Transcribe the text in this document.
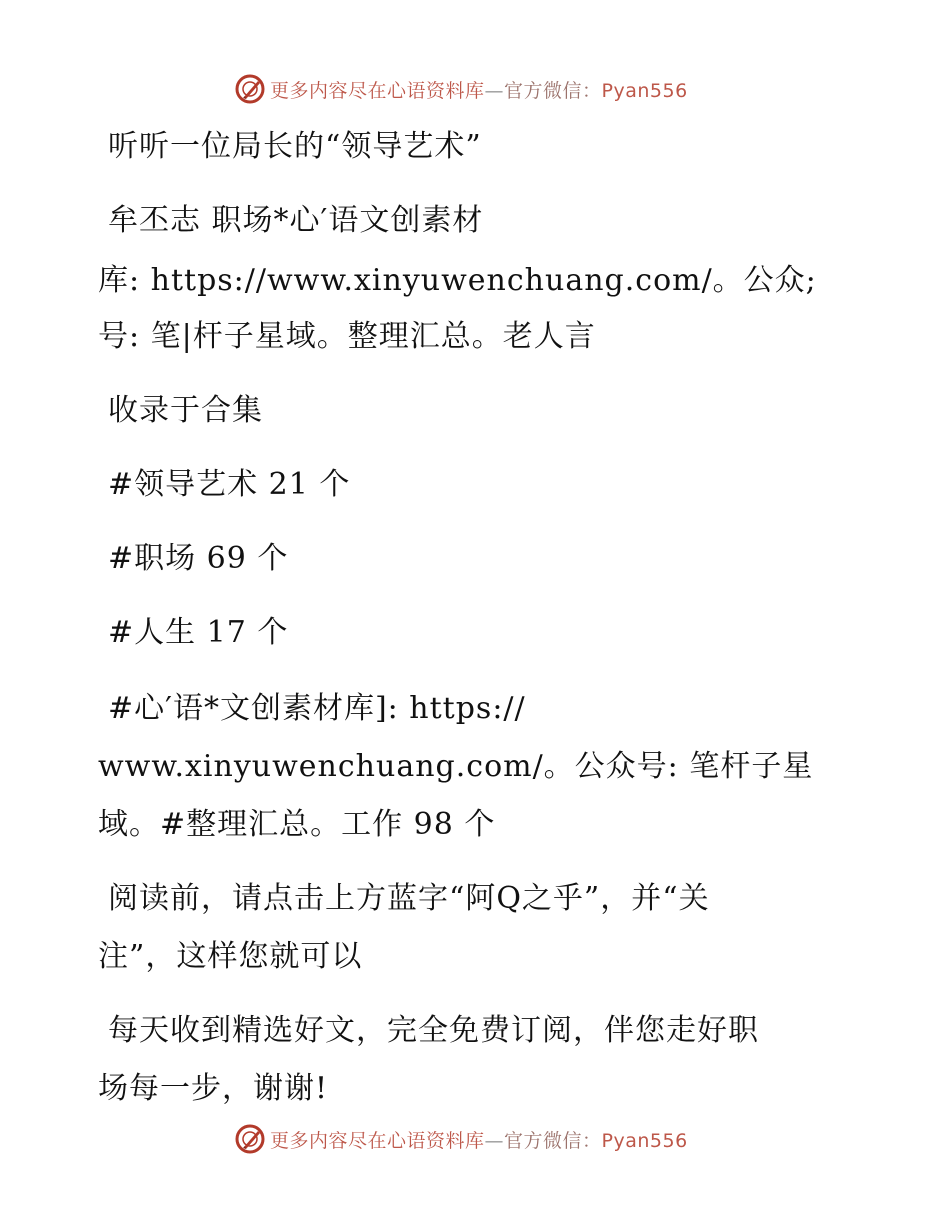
更多内容尽在心语资料库—官方微信：Pyan556
听听一位局长的“领导艺术”
牟丕志 职场*心′语文创素材
库: https://www.xinyuwenchuang.com/。公众;
号: 笔|杆子星域。整理汇总。老人言
收录于合集
#领导艺术 21 个
#职场 69 个
#人生 17 个
#心′语*文创素材库]: https://
www.xinyuwenchuang.com/。公众号: 笔杆子星
域。#整理汇总。工作 98 个
阅读前，请点击上方蓝字“阿Q之乎”，并“关
注”，这样您就可以
每天收到精选好文，完全免费订阅，伴您走好职
场每一步，谢谢!
更多内容尽在心语资料库—官方微信：Pyan556
